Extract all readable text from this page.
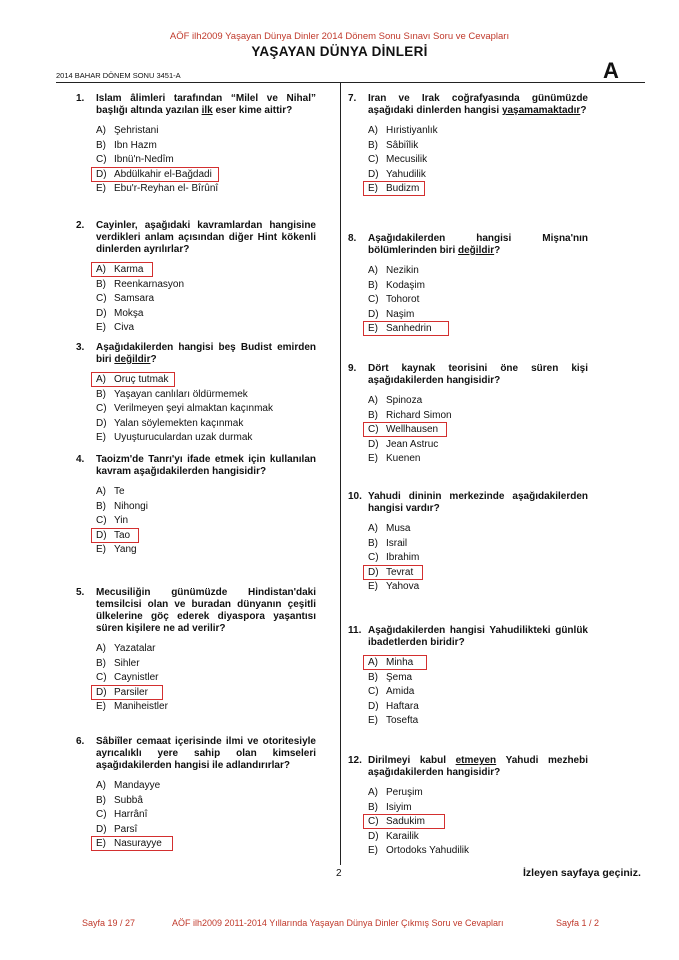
AÖF ilh2009 Yaşayan Dünya Dinler 2014 Dönem Sonu Sınavı Soru ve Cevapları
YAŞAYAN DÜNYA DİNLERİ
2014 BAHAR DÖNEM SONU 3451-A	A
1. Islam âlimleri tarafından “Milel ve Nihal” başlığı altında yazılan ilk eser kime aittir?
A) Şehristani
B) Ibn Hazm
C) Ibnü'n-Nedîm
D) Abdülkahir el-Bağdadi
E) Ebu'r-Reyhan el- Bîrûnî
2. Cayinler, aşağıdaki kavramlardan hangisine verdikleri anlam açısından diğer Hint kökenli dinlerden ayrılırlar?
A) Karma
B) Reenkarnasyon
C) Samsara
D) Mokşa
E) Civa
3. Aşağıdakilerden hangisi beş Budist emirden biri değildir?
A) Oruç tutmak
B) Yaşayan canlıları öldürmemek
C) Verilmeyen şeyi almaktan kaçınmak
D) Yalan söylemekten kaçınmak
E) Uyuşturuculardan uzak durmak
4. Taoizm'de Tanrı'yı ifade etmek için kullanılan kavram aşağıdakilerden hangisidir?
A) Te
B) Nihongi
C) Yin
D) Tao
E) Yang
5. Mecusiliğin günümüzde Hindistan'daki temsilcisi olan ve buradan dünyanın çeşitli ülkelerine göç ederek diyaspora yaşantısı süren kişilere ne ad verilir?
A) Yazatalar
B) Sihler
C) Caynistler
D) Parsiler
E) Maniheistler
6. Sâbiîler cemaat içerisinde ilmi ve otoritesiyle ayrıcalıklı yere sahip olan kimseleri aşağıdakilerden hangisi ile adlandırırlar?
A) Mandayye
B) Subbâ
C) Harrânî
D) Parsî
E) Nasurayye
7. Iran ve Irak coğrafyasında günümüzde aşağıdaki dinlerden hangisi yaşamamaktadır?
A) Hıristiyanlık
B) Sâbiîlik
C) Mecusilik
D) Yahudilik
E) Budizm
8. Aşağıdakilerden hangisi Mişna'nın bölümlerinden biri değildir?
A) Nezikin
B) Kodaşim
C) Tohorot
D) Naşim
E) Sanhedrin
9. Dört kaynak teorisini öne süren kişi aşağıdakilerden hangisidir?
A) Spinoza
B) Richard Simon
C) Wellhausen
D) Jean Astruc
E) Kuenen
10. Yahudi dininin merkezinde aşağıdakilerden hangisi vardır?
A) Musa
B) Israil
C) Ibrahim
D) Tevrat
E) Yahova
11. Aşağıdakilerden hangisi Yahudilikteki günlük ibadetlerden biridir?
A) Minha
B) Şema
C) Amida
D) Haftara
E) Tosefta
12. Dirilmeyi kabul etmeyen Yahudi mezhebi aşağıdakilerden hangisidir?
A) Peruşim
B) Isiyim
C) Sadukim
D) Karailik
E) Ortodoks Yahudilik
2	İzleyen sayfaya geçiniz.
Sayfa 19 / 27	AÖF ilh2009 2011-2014 Yıllarında Yaşayan Dünya Dinler Çıkmış Soru ve Cevapları	Sayfa 1 / 2
